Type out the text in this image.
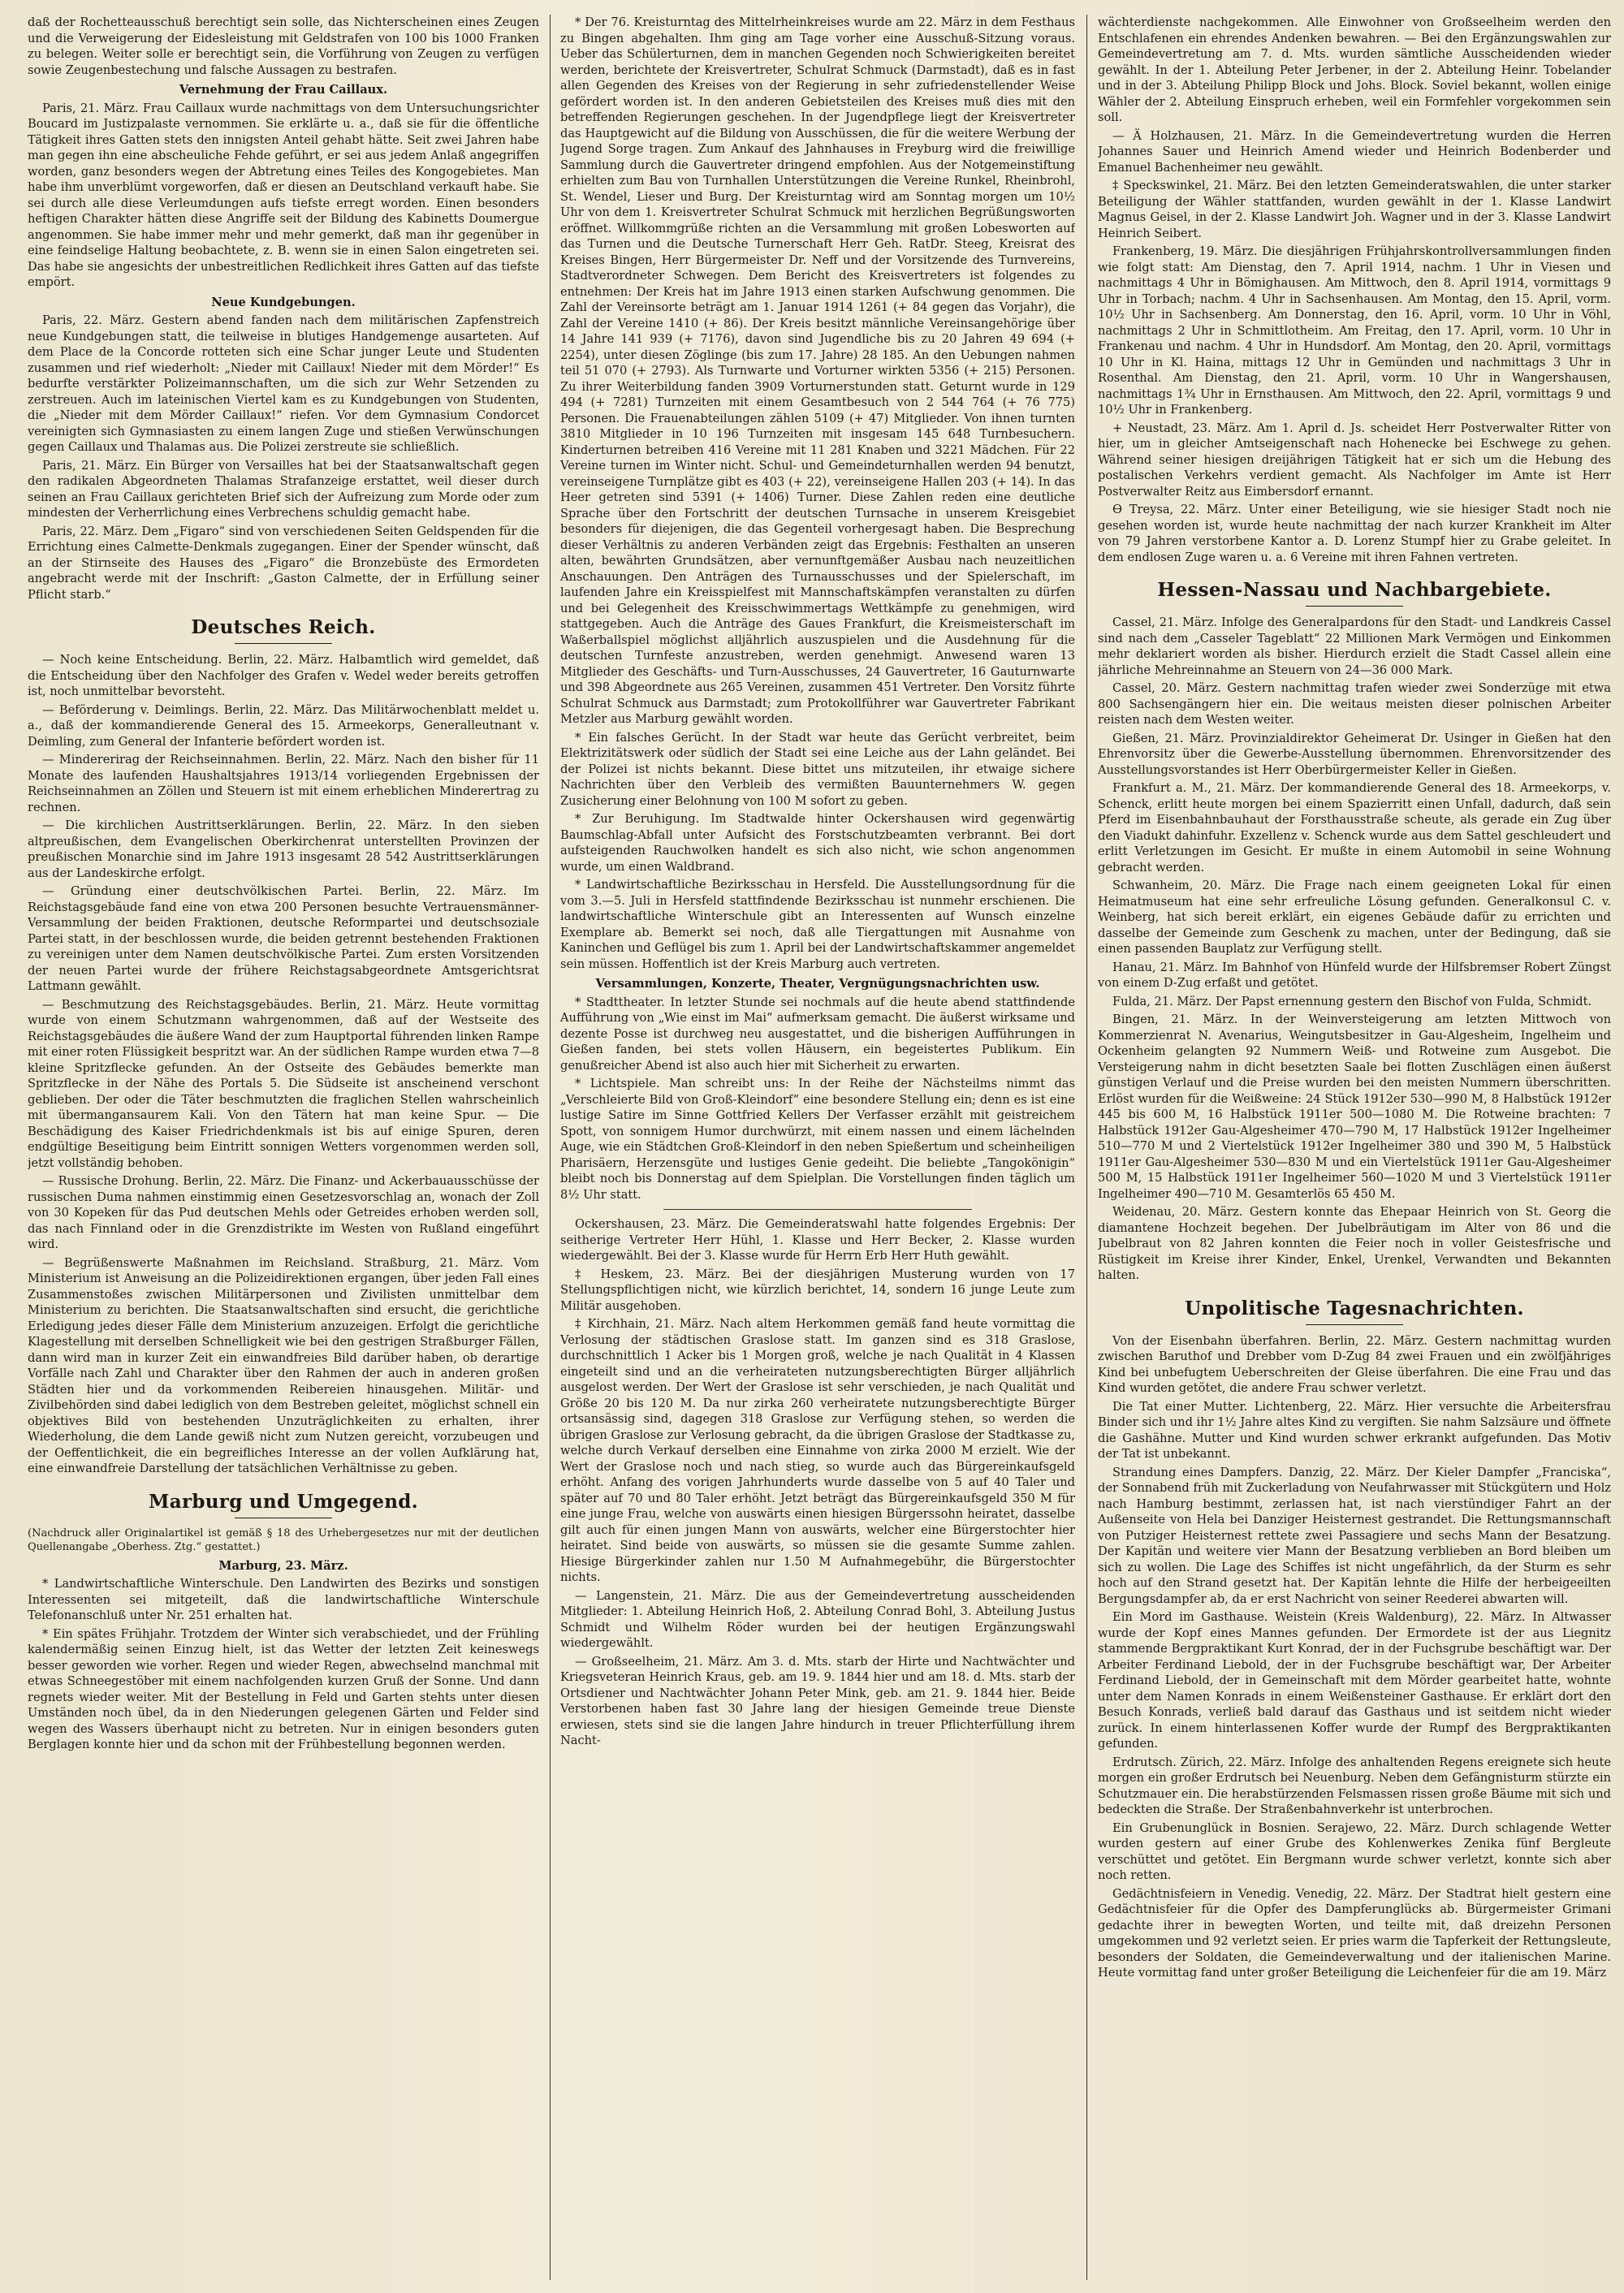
daß der Rochetteausschuß berechtigt sein solle, das Nichterscheinen eines Zeugen und die Verweigerung der Eidesleistung mit Geldstrafen von 100 bis 1000 Franken zu belegen. Weiter solle er berechtigt sein, die Vorführung von Zeugen zu verfügen sowie Zeugenbestechung und falsche Aussagen zu bestrafen.

Vernehmung der Frau Caillaux.

Paris, 21. März. Frau Caillaux wurde nachmittags von dem Untersuchungsrichter Boucard im Justizpalaste vernommen. Sie erklärte u. a., daß sie für die öffentliche Tätigkeit ihres Gatten stets den innigsten Anteil gehabt hätte. Seit zwei Jahren habe man gegen ihn eine abscheuliche Fehde geführt, er sei aus jedem Anlaß angegriffen worden, ganz besonders wegen der Abtretung eines Teiles des Kongogebietes. Man habe ihm unverblümt vorgeworfen, daß er diesen an Deutschland verkauft habe. Sie sei durch alle diese Verleumdungen aufs tiefste erregt worden. Einen besonders heftigen Charakter hätten diese Angriffe seit der Bildung des Kabinetts Doumergue angenommen. Sie habe immer mehr und mehr gemerkt, daß man ihr gegenüber in eine feindselige Haltung beobachtete, z. B. wenn sie in einen Salon eingetreten sei. Das habe sie angesichts der unbestreitlichen Redlichkeit ihres Gatten auf das tiefste empört.

Neue Kundgebungen.

Paris, 22. März. Gestern abend fanden nach dem militärischen Zapfenstreich neue Kundgebungen statt, die teilweise in blutiges Handgemenge ausarteten. Auf dem Place de la Concorde rotteten sich eine Schar junger Leute und Studenten zusammen und rief wiederholt: „Nieder mit Caillaux! Nieder mit dem Mörder!“ Es bedurfte verstärkter Polizeimannschaften, um die sich zur Wehr Setzenden zu zerstreuen. Auch im lateinischen Viertel kam es zu Kundgebungen von Studenten, die „Nieder mit dem Mörder Caillaux!“ riefen. Vor dem Gymnasium Condorcet vereinigten sich Gymnasiasten zu einem langen Zuge und stießen Verwünschungen gegen Caillaux und Thalamas aus. Die Polizei zerstreute sie schließlich.

Paris, 21. März. Ein Bürger von Versailles hat bei der Staatsanwaltschaft gegen den radikalen Abgeordneten Thalamas Strafanzeige erstattet, weil dieser durch seinen an Frau Caillaux gerichteten Brief sich der Aufreizung zum Morde oder zum mindesten der Verherrlichung eines Verbrechens schuldig gemacht habe.

Paris, 22. März. Dem „Figaro“ sind von verschiedenen Seiten Geldspenden für die Errichtung eines Calmette-Denkmals zugegangen. Einer der Spender wünscht, daß an der Stirnseite des Hauses des „Figaro“ die Bronzebüste des Ermordeten angebracht werde mit der Inschrift: „Gaston Calmette, der in Erfüllung seiner Pflicht starb.“

Deutsches Reich.

— Noch keine Entscheidung. Berlin, 22. März. Halbamtlich wird gemeldet, daß die Entscheidung über den Nachfolger des Grafen v. Wedel weder bereits getroffen ist, noch unmittelbar bevorsteht.

— Beförderung v. Deimlings. Berlin, 22. März. Das Militärwochenblatt meldet u. a., daß der kommandierende General des 15. Armeekorps, Generalleutnant v. Deimling, zum General der Infanterie befördert worden ist.

— Mindererirag der Reichseinnahmen. Berlin, 22. März. Nach den bisher für 11 Monate des laufenden Haushaltsjahres 1913/14 vorliegenden Ergebnissen der Reichseinnahmen an Zöllen und Steuern ist mit einem erheblichen Minderertrag zu rechnen.

— Die kirchlichen Austrittserklärungen. Berlin, 22. März. In den sieben altpreußischen, dem Evangelischen Oberkirchenrat unterstellten Provinzen der preußischen Monarchie sind im Jahre 1913 insgesamt 28 542 Austrittserklärungen aus der Landeskirche erfolgt.

— Gründung einer deutschvölkischen Partei. Berlin, 22. März. Im Reichstagsgebäude fand eine von etwa 200 Personen besuchte Vertrauensmänner-Versammlung der beiden Fraktionen, deutsche Reformpartei und deutschsoziale Partei statt, in der beschlossen wurde, die beiden getrennt bestehenden Fraktionen zu vereinigen unter dem Namen deutschvölkische Partei. Zum ersten Vorsitzenden der neuen Partei wurde der frühere Reichstagsabgeordnete Amtsgerichtsrat Lattmann gewählt.

— Beschmutzung des Reichstagsgebäudes. Berlin, 21. März. Heute vormittag wurde von einem Schutzmann wahrgenommen, daß auf der Westseite des Reichstagsgebäudes die äußere Wand der zum Hauptportal führenden linken Rampe mit einer roten Flüssigkeit bespritzt war. An der südlichen Rampe wurden etwa 7—8 kleine Spritzflecke gefunden. An der Ostseite des Gebäudes bemerkte man Spritzflecke in der Nähe des Portals 5. Die Südseite ist anscheinend verschont geblieben. Der oder die Täter beschmutzten die fraglichen Stellen wahrscheinlich mit übermangansaurem Kali. Von den Tätern hat man keine Spur. — Die Beschädigung des Kaiser Friedrichdenkmals ist bis auf einige Spuren, deren endgültige Beseitigung beim Eintritt sonnigen Wetters vorgenommen werden soll, jetzt vollständig behoben.

— Russische Drohung. Berlin, 22. März. Die Finanz- und Ackerbauausschüsse der russischen Duma nahmen einstimmig einen Gesetzesvorschlag an, wonach der Zoll von 30 Kopeken für das Pud deutschen Mehls oder Getreides erhoben werden soll, das nach Finnland oder in die Grenzdistrikte im Westen von Rußland eingeführt wird.

— Begrüßenswerte Maßnahmen im Reichsland. Straßburg, 21. März. Vom Ministerium ist Anweisung an die Polizeidirektionen ergangen, über jeden Fall eines Zusammenstoßes zwischen Militärpersonen und Zivilisten unmittelbar dem Ministerium zu berichten. Die Staatsanwaltschaften sind ersucht, die gerichtliche Erledigung jedes dieser Fälle dem Ministerium anzuzeigen. Erfolgt die gerichtliche Klagestellung mit derselben Schnelligkeit wie bei den gestrigen Straßburger Fällen, dann wird man in kurzer Zeit ein einwandfreies Bild darüber haben, ob derartige Vorfälle nach Zahl und Charakter über den Rahmen der auch in anderen großen Städten hier und da vorkommenden Reibereien hinausgehen. Militär- und Zivilbehörden sind dabei lediglich von dem Bestreben geleitet, möglichst schnell ein objektives Bild von bestehenden Unzuträglichkeiten zu erhalten, ihrer Wiederholung, die dem Lande gewiß nicht zum Nutzen gereicht, vorzubeugen und der Oeffentlichkeit, die ein begreifliches Interesse an der vollen Aufklärung hat, eine einwandfreie Darstellung der tatsächlichen Verhältnisse zu geben.

Marburg und Umgegend.

(Nachdruck aller Originalartikel ist gemäß § 18 des Urhebergesetzes nur mit der deutlichen Quellenangabe „Oberhess. Ztg.“ gestattet.)

Marburg, 23. März.

* Landwirtschaftliche Winterschule. Den Landwirten des Bezirks und sonstigen Interessenten sei mitgeteilt, daß die landwirtschaftliche Winterschule Telefonanschluß unter Nr. 251 erhalten hat.

* Ein spätes Frühjahr. Trotzdem der Winter sich verabschiedet, und der Frühling kalendermäßig seinen Einzug hielt, ist das Wetter der letzten Zeit keineswegs besser geworden wie vorher. Regen und wieder Regen, abwechselnd manchmal mit etwas Schneegestöber mit einem nachfolgenden kurzen Gruß der Sonne. Und dann regnets wieder weiter. Mit der Bestellung in Feld und Garten stehts unter diesen Umständen noch übel, da in den Niederungen gelegenen Gärten und Felder sind wegen des Wassers überhaupt nicht zu betreten. Nur in einigen besonders guten Berglagen konnte hier und da schon mit der Frühbestellung begonnen werden.

* Der 76. Kreisturntag des Mittelrheinkreises wurde am 22. März in dem Festhaus zu Bingen abgehalten. Ihm ging am Tage vorher eine Ausschuß-Sitzung voraus. Ueber das Schülerturnen, dem in manchen Gegenden noch Schwierigkeiten bereitet werden, berichtete der Kreisvertreter, Schulrat Schmuck (Darmstadt), daß es in fast allen Gegenden des Kreises von der Regierung in sehr zufriedenstellender Weise gefördert worden ist. In den anderen Gebietsteilen des Kreises muß dies mit den betreffenden Regierungen geschehen. In der Jugendpflege liegt der Kreisvertreter das Hauptgewicht auf die Bildung von Ausschüssen, die für die weitere Werbung der Jugend Sorge tragen. Zum Ankauf des Jahnhauses in Freyburg wird die freiwillige Sammlung durch die Gauvertreter dringend empfohlen. Aus der Notgemeinstiftung erhielten zum Bau von Turnhallen Unterstützungen die Vereine Runkel, Rheinbrohl, St. Wendel, Lieser und Burg. Der Kreisturntag wird am Sonntag morgen um 10½ Uhr von dem 1. Kreisvertreter Schulrat Schmuck mit herzlichen Begrüßungsworten eröffnet. Willkommgrüße richten an die Versammlung mit großen Lobesworten auf das Turnen und die Deutsche Turnerschaft Herr Geh. RatDr. Steeg, Kreisrat des Kreises Bingen, Herr Bürgermeister Dr. Neff und der Vorsitzende des Turnvereins, Stadtverordneter Schwegen. Dem Bericht des Kreisvertreters ist folgendes zu entnehmen: Der Kreis hat im Jahre 1913 einen starken Aufschwung genommen. Die Zahl der Vereinsorte beträgt am 1. Januar 1914 1261 (+ 84 gegen das Vorjahr), die Zahl der Vereine 1410 (+ 86). Der Kreis besitzt männliche Vereinsangehörige über 14 Jahre 141 939 (+ 7176), davon sind Jugendliche bis zu 20 Jahren 49 694 (+ 2254), unter diesen Zöglinge (bis zum 17. Jahre) 28 185. An den Uebungen nahmen teil 51 070 (+ 2793). Als Turnwarte und Vorturner wirkten 5356 (+ 215) Personen. Zu ihrer Weiterbildung fanden 3909 Vorturnerstunden statt. Geturnt wurde in 129 494 (+ 7281) Turnzeiten mit einem Gesamtbesuch von 2 544 764 (+ 76 775) Personen. Die Frauenabteilungen zählen 5109 (+ 47) Mitglieder. Von ihnen turnten 3810 Mitglieder in 10 196 Turnzeiten mit insgesam 145 648 Turnbesuchern. Kinderturnen betreiben 416 Vereine mit 11 281 Knaben und 3221 Mädchen. Für 22 Vereine turnen im Winter nicht. Schul- und Gemeindeturnhallen werden 94 benutzt, vereinseigene Turnplätze gibt es 403 (+ 22), vereinseigene Hallen 203 (+ 14). In das Heer getreten sind 5391 (+ 1406) Turner. Diese Zahlen reden eine deutliche Sprache über den Fortschritt der deutschen Turnsache in unserem Kreisgebiet besonders für diejenigen, die das Gegenteil vorhergesagt haben. Die Besprechung dieser Verhältnis zu anderen Verbänden zeigt das Ergebnis: Festhalten an unseren alten, bewährten Grundsätzen, aber vernunftgemäßer Ausbau nach neuzeitlichen Anschauungen. Den Anträgen des Turnausschusses und der Spielerschaft, im laufenden Jahre ein Kreisspielfest mit Mannschaftskämpfen veranstalten zu dürfen und bei Gelegenheit des Kreisschwimmertags Wettkämpfe zu genehmigen, wird stattgegeben. Auch die Anträge des Gaues Frankfurt, die Kreismeisterschaft im Waßerballspiel möglichst alljährlich auszuspielen und die Ausdehnung für die deutschen Turnfeste anzustreben, werden genehmigt. Anwesend waren 13 Mitglieder des Geschäfts- und Turn-Ausschusses, 24 Gauvertreter, 16 Gauturnwarte und 398 Abgeordnete aus 265 Vereinen, zusammen 451 Vertreter. Den Vorsitz führte Schulrat Schmuck aus Darmstadt; zum Protokollführer war Gauvertreter Fabrikant Metzler aus Marburg gewählt worden.

* Ein falsches Gerücht. In der Stadt war heute das Gerücht verbreitet, beim Elektrizitätswerk oder südlich der Stadt sei eine Leiche aus der Lahn geländet. Bei der Polizei ist nichts bekannt. Diese bittet uns mitzuteilen, ihr etwaige sichere Nachrichten über den Verbleib des vermißten Bauunternehmers W. gegen Zusicherung einer Belohnung von 100 M sofort zu geben.

* Zur Beruhigung. Im Stadtwalde hinter Ockershausen wird gegenwärtig Baumschlag-Abfall unter Aufsicht des Forstschutzbeamten verbrannt. Bei dort aufsteigenden Rauchwolken handelt es sich also nicht, wie schon angenommen wurde, um einen Waldbrand.

* Landwirtschaftliche Bezirksschau in Hersfeld. Die Ausstellungsordnung für die vom 3.—5. Juli in Hersfeld stattfindende Bezirksschau ist nunmehr erschienen. Die landwirtschaftliche Winterschule gibt an Interessenten auf Wunsch einzelne Exemplare ab. Bemerkt sei noch, daß alle Tiergattungen mit Ausnahme von Kaninchen und Geflügel bis zum 1. April bei der Landwirtschaftskammer angemeldet sein müssen. Hoffentlich ist der Kreis Marburg auch vertreten.

Versammlungen, Konzerte, Theater, Vergnügungsnachrichten usw.

* Stadttheater. In letzter Stunde sei nochmals auf die heute abend stattfindende Aufführung von „Wie einst im Mai“ aufmerksam gemacht. Die äußerst wirksame und dezente Posse ist durchweg neu ausgestattet, und die bisherigen Aufführungen in Gießen fanden, bei stets vollen Häusern, ein begeistertes Publikum. Ein genußreicher Abend ist also auch hier mit Sicherheit zu erwarten.

* Lichtspiele. Man schreibt uns: In der Reihe der Nächsteilms nimmt das „Verschleierte Bild von Groß-Kleindorf“ eine besondere Stellung ein; denn es ist eine lustige Satire im Sinne Gottfried Kellers Der Verfasser erzählt mit geistreichem Spott, von sonnigem Humor durchwürzt, mit einem nassen und einem lächelnden Auge, wie ein Städtchen Groß-Kleindorf in den neben Spießertum und scheinheiligen Pharisäern, Herzensgüte und lustiges Genie gedeiht. Die beliebte „Tangokönigin“ bleibt noch bis Donnerstag auf dem Spielplan. Die Vorstellungen finden täglich um 8½ Uhr statt.

Ockershausen, 23. März. Die Gemeinderatswahl hatte folgendes Ergebnis: Der seitherige Vertreter Herr Hühl, 1. Klasse und Herr Becker, 2. Klasse wurden wiedergewählt. Bei der 3. Klasse wurde für Herrn Erb Herr Huth gewählt.

‡ Heskem, 23. März. Bei der diesjährigen Musterung wurden von 17 Stellungspflichtigen nicht, wie kürzlich berichtet, 14, sondern 16 junge Leute zum Militär ausgehoben.

‡ Kirchhain, 21. März. Nach altem Herkommen gemäß fand heute vormittag die Verlosung der städtischen Graslose statt. Im ganzen sind es 318 Graslose, durchschnittlich 1 Acker bis 1 Morgen groß, welche je nach Qualität in 4 Klassen eingeteilt sind und an die verheirateten nutzungsberechtigten Bürger alljährlich ausgelost werden. Der Wert der Graslose ist sehr verschieden, je nach Qualität und Größe 20 bis 120 M. Da nur zirka 260 verheiratete nutzungsberechtigte Bürger ortsansässig sind, dagegen 318 Graslose zur Verfügung stehen, so werden die übrigen Graslose zur Verlosung gebracht, da die übrigen Graslose der Stadtkasse zu, welche durch Verkauf derselben eine Einnahme von zirka 2000 M erzielt. Wie der Wert der Graslose noch und nach stieg, so wurde auch das Bürgereinkaufsgeld erhöht. Anfang des vorigen Jahrhunderts wurde dasselbe von 5 auf 40 Taler und später auf 70 und 80 Taler erhöht. Jetzt beträgt das Bürgereinkaufsgeld 350 M für eine junge Frau, welche von auswärts einen hiesigen Bürgerssohn heiratet, dasselbe gilt auch für einen jungen Mann von auswärts, welcher eine Bürgerstochter hier heiratet. Sind beide von auswärts, so müssen sie die gesamte Summe zahlen. Hiesige Bürgerkinder zahlen nur 1.50 M Aufnahmegebühr, die Bürgerstochter nichts.

— Langenstein, 21. März. Die aus der Gemeindevertretung ausscheidenden Mitglieder: 1. Abteilung Heinrich Hoß, 2. Abteilung Conrad Bohl, 3. Abteilung Justus Schmidt und Wilhelm Röder wurden bei der heutigen Ergänzungswahl wiedergewählt.

— Großseelheim, 21. März. Am 3. d. Mts. starb der Hirte und Nachtwächter und Kriegsveteran Heinrich Kraus, geb. am 19. 9. 1844 hier und am 18. d. Mts. starb der Ortsdiener und Nachtwächter Johann Peter Mink, geb. am 21. 9. 1844 hier. Beide Verstorbenen haben fast 30 Jahre lang der hiesigen Gemeinde treue Dienste erwiesen, stets sind sie die langen Jahre hindurch in treuer Pflichterfüllung ihrem Nacht-

wächterdienste nachgekommen. Alle Einwohner von Großseelheim werden den Entschlafenen ein ehrendes Andenken bewahren. — Bei den Ergänzungswahlen zur Gemeindevertretung am 7. d. Mts. wurden sämtliche Ausscheidenden wieder gewählt. In der 1. Abteilung Peter Jerbener, in der 2. Abteilung Heinr. Tobelander und in der 3. Abteilung Philipp Block und Johs. Block. Soviel bekannt, wollen einige Wähler der 2. Abteilung Einspruch erheben, weil ein Formfehler vorgekommen sein soll.

— Ä Holzhausen, 21. März. In die Gemeindevertretung wurden die Herren Johannes Sauer und Heinrich Amend wieder und Heinrich Bodenberder und Emanuel Bachenheimer neu gewählt.

‡ Speckswinkel, 21. März. Bei den letzten Gemeinderatswahlen, die unter starker Beteiligung der Wähler stattfanden, wurden gewählt in der 1. Klasse Landwirt Magnus Geisel, in der 2. Klasse Landwirt Joh. Wagner und in der 3. Klasse Landwirt Heinrich Seibert.

Frankenberg, 19. März. Die diesjährigen Frühjahrskontrollversammlungen finden wie folgt statt: Am Dienstag, den 7. April 1914, nachm. 1 Uhr in Viesen und nachmittags 4 Uhr in Bömighausen. Am Mittwoch, den 8. April 1914, vormittags 9 Uhr in Torbach; nachm. 4 Uhr in Sachsenhausen. Am Montag, den 15. April, vorm. 10½ Uhr in Sachsenberg. Am Donnerstag, den 16. April, vorm. 10 Uhr in Vöhl, nachmittags 2 Uhr in Schmittlotheim. Am Freitag, den 17. April, vorm. 10 Uhr in Frankenau und nachm. 4 Uhr in Hundsdorf. Am Montag, den 20. April, vormittags 10 Uhr in Kl. Haina, mittags 12 Uhr in Gemünden und nachmittags 3 Uhr in Rosenthal. Am Dienstag, den 21. April, vorm. 10 Uhr in Wangershausen, nachmittags 1¾ Uhr in Ernsthausen. Am Mittwoch, den 22. April, vormittags 9 und 10½ Uhr in Frankenberg.

+ Neustadt, 23. März. Am 1. April d. Js. scheidet Herr Postverwalter Ritter von hier, um in gleicher Amtseigenschaft nach Hohenecke bei Eschwege zu gehen. Während seiner hiesigen dreijährigen Tätigkeit hat er sich um die Hebung des postalischen Verkehrs verdient gemacht. Als Nachfolger im Amte ist Herr Postverwalter Reitz aus Eimbersdorf ernannt.

Ɵ Treysa, 22. März. Unter einer Beteiligung, wie sie hiesiger Stadt noch nie gesehen worden ist, wurde heute nachmittag der nach kurzer Krankheit im Alter von 79 Jahren verstorbene Kantor a. D. Lorenz Stumpf hier zu Grabe geleitet. In dem endlosen Zuge waren u. a. 6 Vereine mit ihren Fahnen vertreten.

Hessen-Nassau und Nachbargebiete.

Cassel, 21. März. Infolge des Generalpardons für den Stadt- und Landkreis Cassel sind nach dem „Casseler Tageblatt“ 22 Millionen Mark Vermögen und Einkommen mehr deklariert worden als bisher. Hierdurch erzielt die Stadt Cassel allein eine jährliche Mehreinnahme an Steuern von 24—36 000 Mark.

Cassel, 20. März. Gestern nachmittag trafen wieder zwei Sonderzüge mit etwa 800 Sachsengängern hier ein. Die weitaus meisten dieser polnischen Arbeiter reisten nach dem Westen weiter.

Gießen, 21. März. Provinzialdirektor Geheimerat Dr. Usinger in Gießen hat den Ehrenvorsitz über die Gewerbe-Ausstellung übernommen. Ehrenvorsitzender des Ausstellungsvorstandes ist Herr Oberbürgermeister Keller in Gießen.

Frankfurt a. M., 21. März. Der kommandierende General des 18. Armeekorps, v. Schenck, erlitt heute morgen bei einem Spazierritt einen Unfall, dadurch, daß sein Pferd im Eisenbahnbauhaut der Forsthausstraße scheute, als gerade ein Zug über den Viadukt dahinfuhr. Exzellenz v. Schenck wurde aus dem Sattel geschleudert und erlitt Verletzungen im Gesicht. Er mußte in einem Automobil in seine Wohnung gebracht werden.

Schwanheim, 20. März. Die Frage nach einem geeigneten Lokal für einen Heimatmuseum hat eine sehr erfreuliche Lösung gefunden. Generalkonsul C. v. Weinberg, hat sich bereit erklärt, ein eigenes Gebäude dafür zu errichten und dasselbe der Gemeinde zum Geschenk zu machen, unter der Bedingung, daß sie einen passenden Bauplatz zur Verfügung stellt.

Hanau, 21. März. Im Bahnhof von Hünfeld wurde der Hilfsbremser Robert Züngst von einem D-Zug erfaßt und getötet.

Fulda, 21. März. Der Papst ernennung gestern den Bischof von Fulda, Schmidt.

Bingen, 21. März. In der Weinversteigerung am letzten Mittwoch von Kommerzienrat N. Avenarius, Weingutsbesitzer in Gau-Algesheim, Ingelheim und Ockenheim gelangten 92 Nummern Weiß- und Rotweine zum Ausgebot. Die Versteigerung nahm in dicht besetzten Saale bei flotten Zuschlägen einen äußerst günstigen Verlauf und die Preise wurden bei den meisten Nummern überschritten. Erlöst wurden für die Weißweine: 24 Stück 1912er 530—990 M, 8 Halbstück 1912er 445 bis 600 M, 16 Halbstück 1911er 500—1080 M. Die Rotweine brachten: 7 Halbstück 1912er Gau-Algesheimer 470—790 M, 17 Halbstück 1912er Ingelheimer 510—770 M und 2 Viertelstück 1912er Ingelheimer 380 und 390 M, 5 Halbstück 1911er Gau-Algesheimer 530—830 M und ein Viertelstück 1911er Gau-Algesheimer 500 M, 15 Halbstück 1911er Ingelheimer 560—1020 M und 3 Viertelstück 1911er Ingelheimer 490—710 M. Gesamterlös 65 450 M.

Weidenau, 20. März. Gestern konnte das Ehepaar Heinrich von St. Georg die diamantene Hochzeit begehen. Der Jubelbräutigam im Alter von 86 und die Jubelbraut von 82 Jahren konnten die Feier noch in voller Geistesfrische und Rüstigkeit im Kreise ihrer Kinder, Enkel, Urenkel, Verwandten und Bekannten halten.

Unpolitische Tagesnachrichten.

Von der Eisenbahn überfahren. Berlin, 22. März. Gestern nachmittag wurden zwischen Baruthof und Drebber vom D-Zug 84 zwei Frauen und ein zwölfjähriges Kind bei unbefugtem Ueberschreiten der Gleise überfahren. Die eine Frau und das Kind wurden getötet, die andere Frau schwer verletzt.

Die Tat einer Mutter. Lichtenberg, 22. März. Hier versuchte die Arbeitersfrau Binder sich und ihr 1½ Jahre altes Kind zu vergiften. Sie nahm Salzsäure und öffnete die Gashähne. Mutter und Kind wurden schwer erkrankt aufgefunden. Das Motiv der Tat ist unbekannt.

Strandung eines Dampfers. Danzig, 22. März. Der Kieler Dampfer „Franciska“, der Sonnabend früh mit Zuckerladung von Neufahrwasser mit Stückgütern und Holz nach Hamburg bestimmt, zerlassen hat, ist nach vierstündiger Fahrt an der Außenseite von Hela bei Danziger Heisternest gestrandet. Die Rettungsmannschaft von Putziger Heisternest rettete zwei Passagiere und sechs Mann der Besatzung. Der Kapitän und weitere vier Mann der Besatzung verblieben an Bord bleiben um sich zu wollen. Die Lage des Schiffes ist nicht ungefährlich, da der Sturm es sehr hoch auf den Strand gesetzt hat. Der Kapitän lehnte die Hilfe der herbeigeeilten Bergungsdampfer ab, da er erst Nachricht von seiner Reederei abwarten will.

Ein Mord im Gasthause. Weistein (Kreis Waldenburg), 22. März. In Altwasser wurde der Kopf eines Mannes gefunden. Der Ermordete ist der aus Liegnitz stammende Bergpraktikant Kurt Konrad, der in der Fuchsgrube beschäftigt war. Der Arbeiter Ferdinand Liebold, der in der Fuchsgrube beschäftigt war, Der Arbeiter Ferdinand Liebold, der in Gemeinschaft mit dem Mörder gearbeitet hatte, wohnte unter dem Namen Konrads in einem Weißensteiner Gasthause. Er erklärt dort den Besuch Konrads, verließ bald darauf das Gasthaus und ist seitdem nicht wieder zurück. In einem hinterlassenen Koffer wurde der Rumpf des Bergpraktikanten gefunden.

Erdrutsch. Zürich, 22. März. Infolge des anhaltenden Regens ereignete sich heute morgen ein großer Erdrutsch bei Neuenburg. Neben dem Gefängnisturm stürzte ein Schutzmauer ein. Die herabstürzenden Felsmassen rissen große Bäume mit sich und bedeckten die Straße. Der Straßenbahnverkehr ist unterbrochen.

Ein Grubenunglück in Bosnien. Serajewo, 22. März. Durch schlagende Wetter wurden gestern auf einer Grube des Kohlenwerkes Zenika fünf Bergleute verschüttet und getötet. Ein Bergmann wurde schwer verletzt, konnte sich aber noch retten.

Gedächtnisfeiern in Venedig. Venedig, 22. März. Der Stadtrat hielt gestern eine Gedächtnisfeier für die Opfer des Dampferunglücks ab. Bürgermeister Grimani gedachte ihrer in bewegten Worten, und teilte mit, daß dreizehn Personen umgekommen und 92 verletzt seien. Er pries warm die Tapferkeit der Rettungsleute, besonders der Soldaten, die Gemeindeverwaltung und der italienischen Marine. Heute vormittag fand unter großer Beteiligung die Leichenfeier für die am 19. März
